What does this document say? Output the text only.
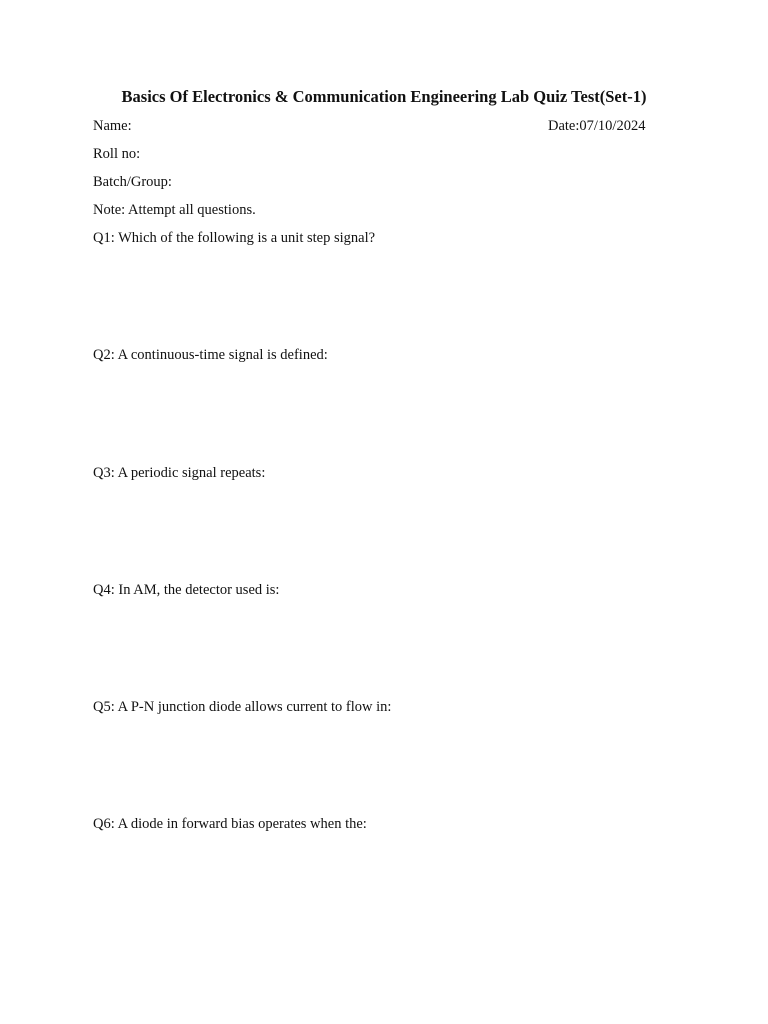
Basics Of Electronics & Communication Engineering Lab Quiz Test(Set-1)
Name:	Date:07/10/2024
Roll no:
Batch/Group:
Note: Attempt all questions.
Q1: Which of the following is a unit step signal?
Q2: A continuous-time signal is defined:
Q3: A periodic signal repeats:
Q4: In AM, the detector used is:
Q5: A P-N junction diode allows current to flow in:
Q6: A diode in forward bias operates when the:
